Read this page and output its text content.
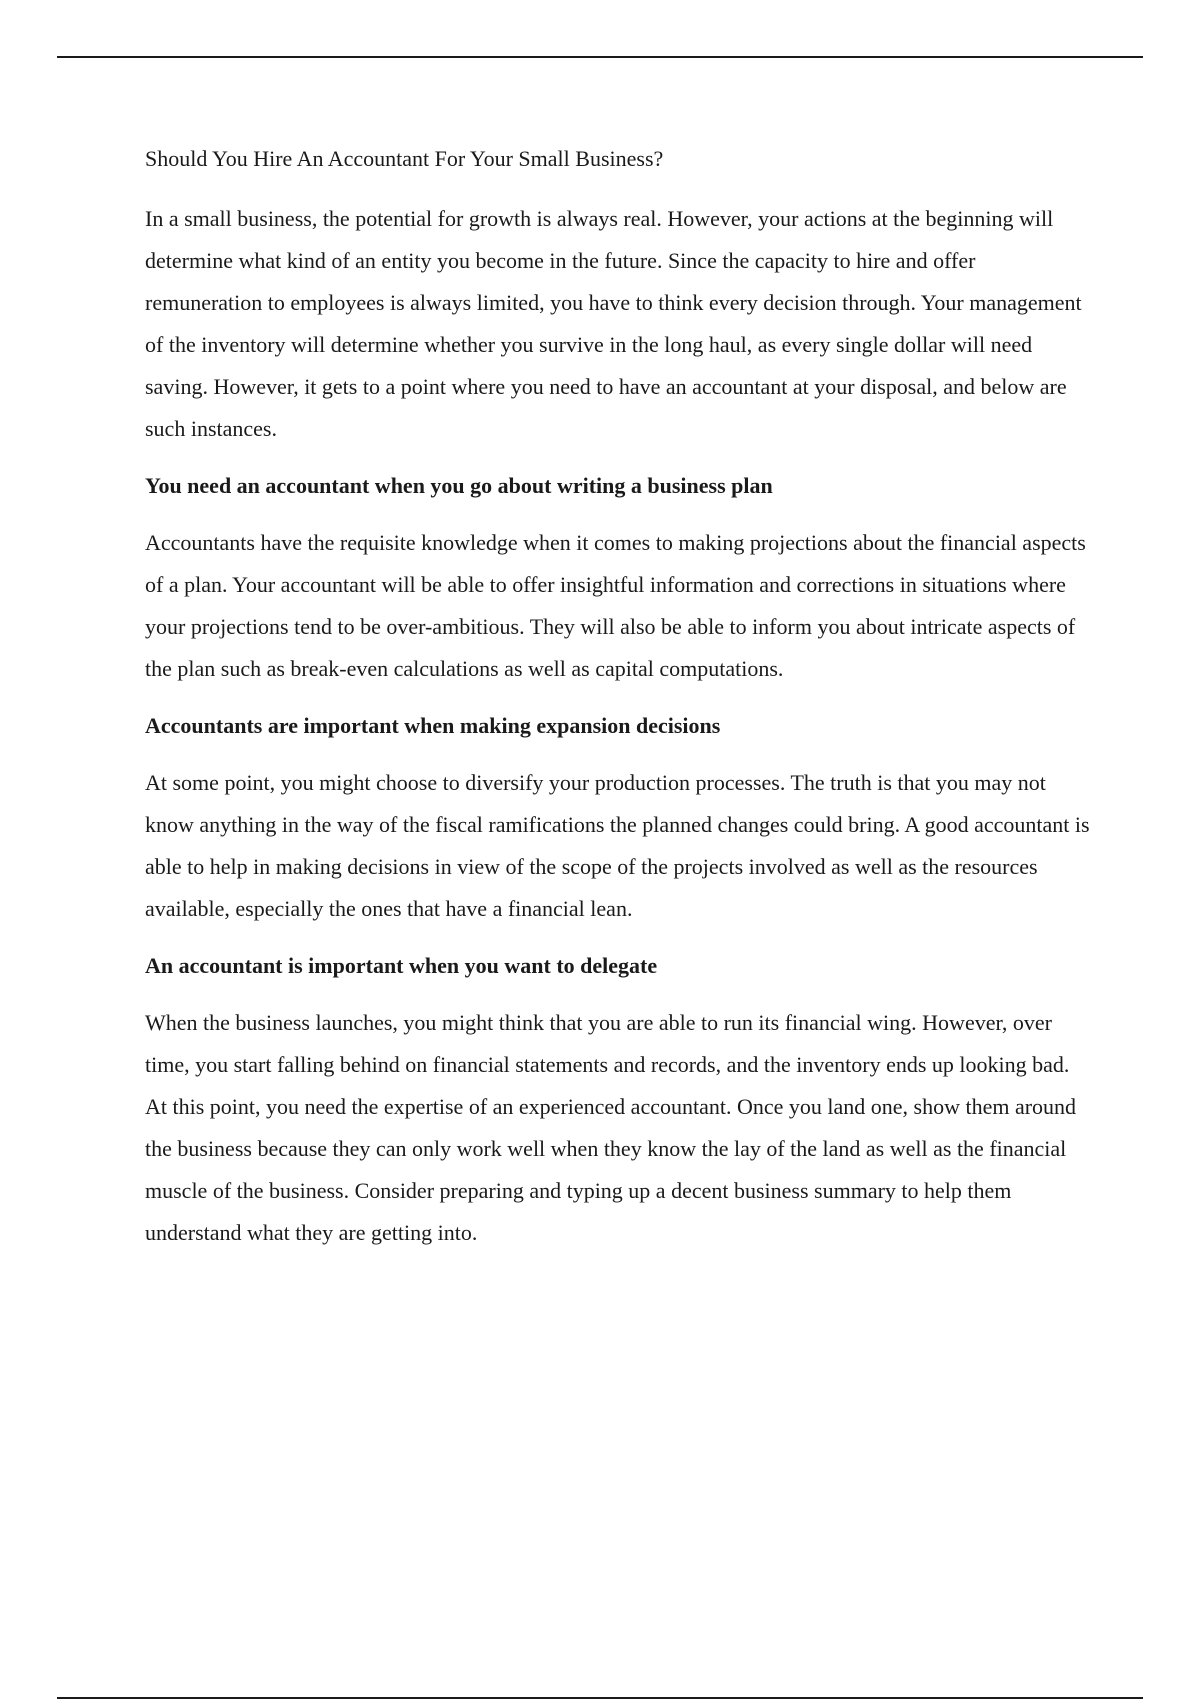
Should You Hire An Accountant For Your Small Business?

In a small business, the potential for growth is always real. However, your actions at the beginning will determine what kind of an entity you become in the future. Since the capacity to hire and offer remuneration to employees is always limited, you have to think every decision through. Your management of the inventory will determine whether you survive in the long haul, as every single dollar will need saving. However, it gets to a point where you need to have an accountant at your disposal, and below are such instances.

You need an accountant when you go about writing a business plan

Accountants have the requisite knowledge when it comes to making projections about the financial aspects of a plan. Your accountant will be able to offer insightful information and corrections in situations where your projections tend to be over-ambitious. They will also be able to inform you about intricate aspects of the plan such as break-even calculations as well as capital computations.

Accountants are important when making expansion decisions

At some point, you might choose to diversify your production processes. The truth is that you may not know anything in the way of the fiscal ramifications the planned changes could bring. A good accountant is able to help in making decisions in view of the scope of the projects involved as well as the resources available, especially the ones that have a financial lean.

An accountant is important when you want to delegate

When the business launches, you might think that you are able to run its financial wing. However, over time, you start falling behind on financial statements and records, and the inventory ends up looking bad. At this point, you need the expertise of an experienced accountant. Once you land one, show them around the business because they can only work well when they know the lay of the land as well as the financial muscle of the business. Consider preparing and typing up a decent business summary to help them understand what they are getting into.
